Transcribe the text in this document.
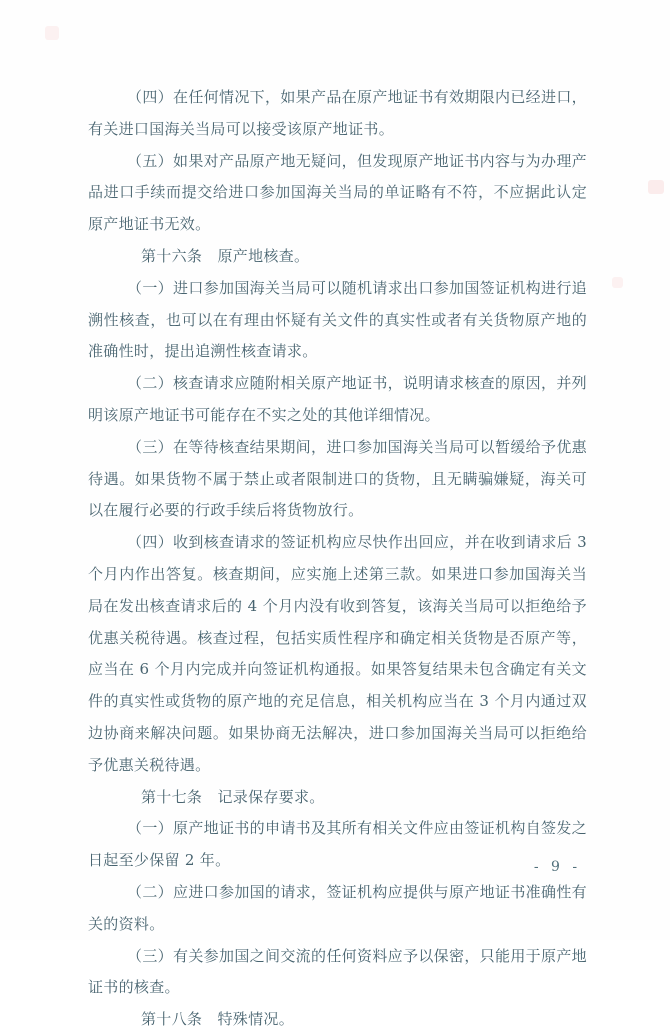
（四）在任何情况下，如果产品在原产地证书有效期限内已经进口，有关进口国海关当局可以接受该原产地证书。

（五）如果对产品原产地无疑问，但发现原产地证书内容与为办理产品进口手续而提交给进口参加国海关当局的单证略有不符，不应据此认定原产地证书无效。

第十六条　原产地核查。

（一）进口参加国海关当局可以随机请求出口参加国签证机构进行追溯性核查，也可以在有理由怀疑有关文件的真实性或者有关货物原产地的准确性时，提出追溯性核查请求。

（二）核查请求应随附相关原产地证书，说明请求核查的原因，并列明该原产地证书可能存在不实之处的其他详细情况。

（三）在等待核查结果期间，进口参加国海关当局可以暂缓给予优惠待遇。如果货物不属于禁止或者限制进口的货物，且无瞒骗嫌疑，海关可以在履行必要的行政手续后将货物放行。

（四）收到核查请求的签证机构应尽快作出回应，并在收到请求后 3 个月内作出答复。核查期间，应实施上述第三款。如果进口参加国海关当局在发出核查请求后的 4 个月内没有收到答复，该海关当局可以拒绝给予优惠关税待遇。核查过程，包括实质性程序和确定相关货物是否原产等，应当在 6 个月内完成并向签证机构通报。如果答复结果未包含确定有关文件的真实性或货物的原产地的充足信息，相关机构应当在 3 个月内通过双边协商来解决问题。如果协商无法解决，进口参加国海关当局可以拒绝给予优惠关税待遇。

第十七条　记录保存要求。

（一）原产地证书的申请书及其所有相关文件应由签证机构自签发之日起至少保留 2 年。

（二）应进口参加国的请求，签证机构应提供与原产地证书准确性有关的资料。

（三）有关参加国之间交流的任何资料应予以保密，只能用于原产地证书的核查。

第十八条　特殊情况。

- 9 -
